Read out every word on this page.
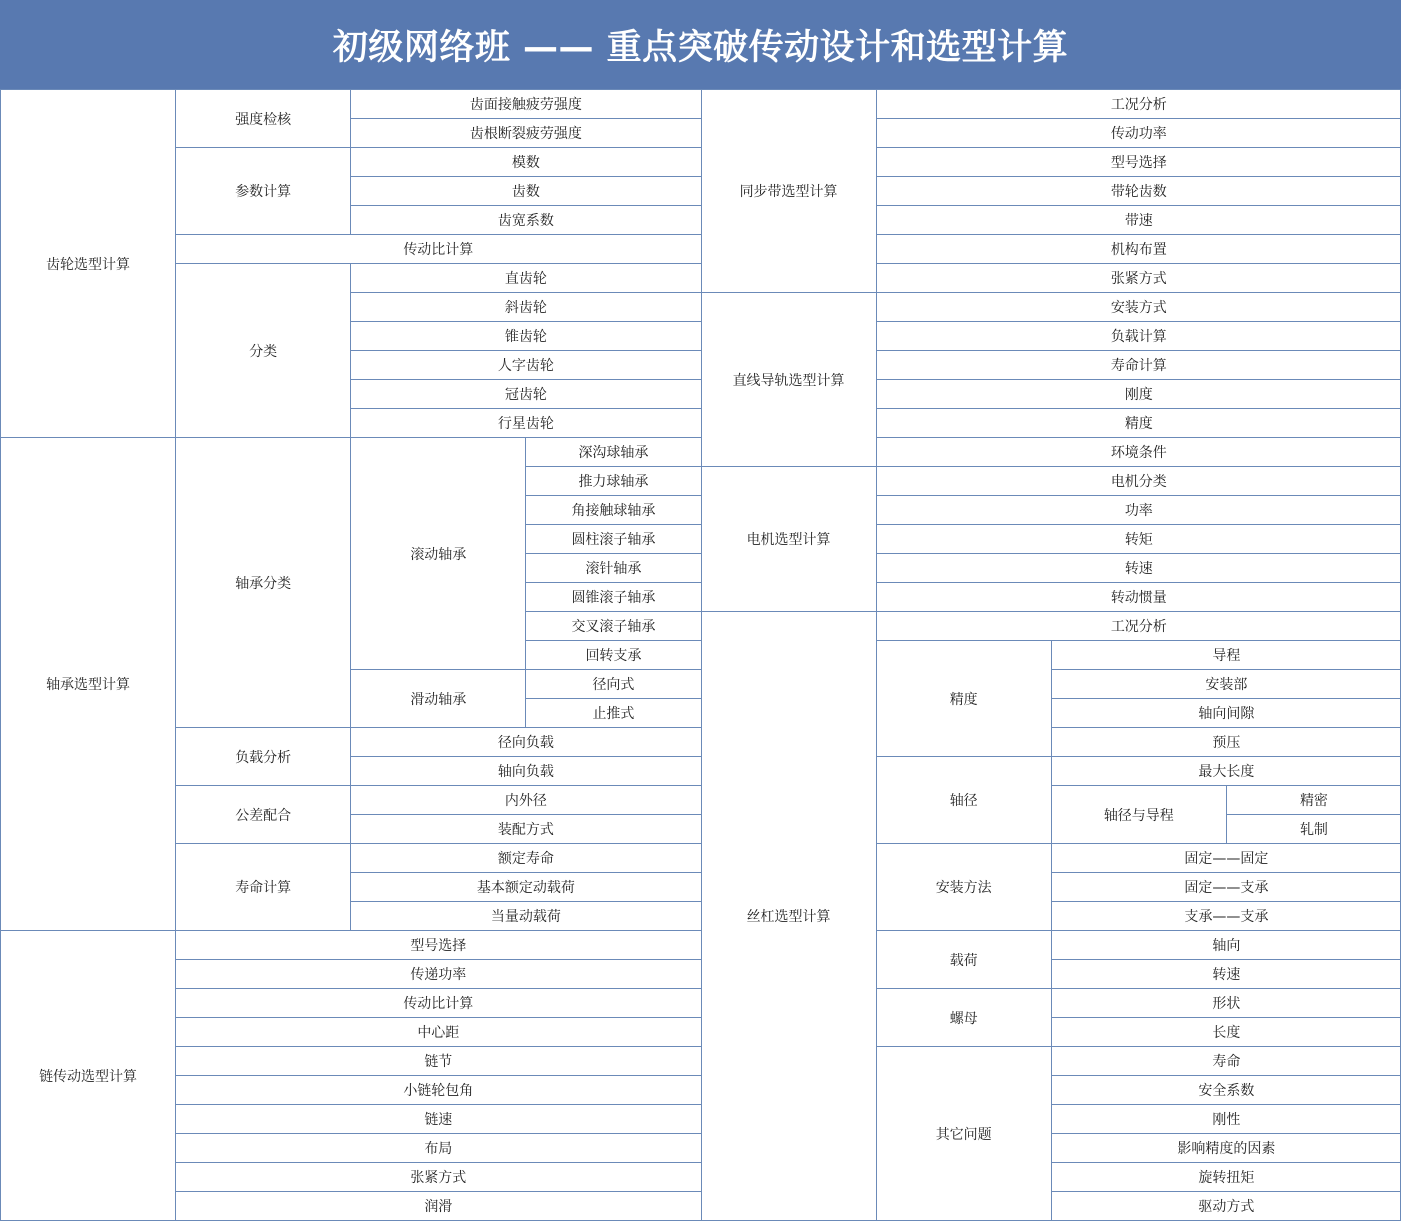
初级网络班 —— 重点突破传动设计和选型计算
齿轮选型计算
强度检核
齿面接触疲劳强度
齿根断裂疲劳强度
参数计算
模数
齿数
齿宽系数
传动比计算
分类
直齿轮
斜齿轮
锥齿轮
人字齿轮
冠齿轮
行星齿轮
轴承选型计算
轴承分类
滚动轴承
深沟球轴承
推力球轴承
角接触球轴承
圆柱滚子轴承
滚针轴承
圆锥滚子轴承
交叉滚子轴承
回转支承
滑动轴承
径向式
止推式
负载分析
径向负载
轴向负载
公差配合
内外径
装配方式
寿命计算
额定寿命
基本额定动载荷
当量动载荷
链传动选型计算
型号选择
传递功率
传动比计算
中心距
链节
小链轮包角
链速
布局
张紧方式
润滑
同步带选型计算
工况分析
传动功率
型号选择
带轮齿数
带速
机构布置
张紧方式
直线导轨选型计算
安装方式
负载计算
寿命计算
刚度
精度
环境条件
电机选型计算
电机分类
功率
转矩
转速
转动惯量
丝杠选型计算
工况分析
精度
导程
安装部
轴向间隙
预压
轴径
最大长度
轴径与导程
精密
轧制
安装方法
固定——固定
固定——支承
支承——支承
载荷
轴向
转速
螺母
形状
长度
其它问题
寿命
安全系数
刚性
影响精度的因素
旋转扭矩
驱动方式
